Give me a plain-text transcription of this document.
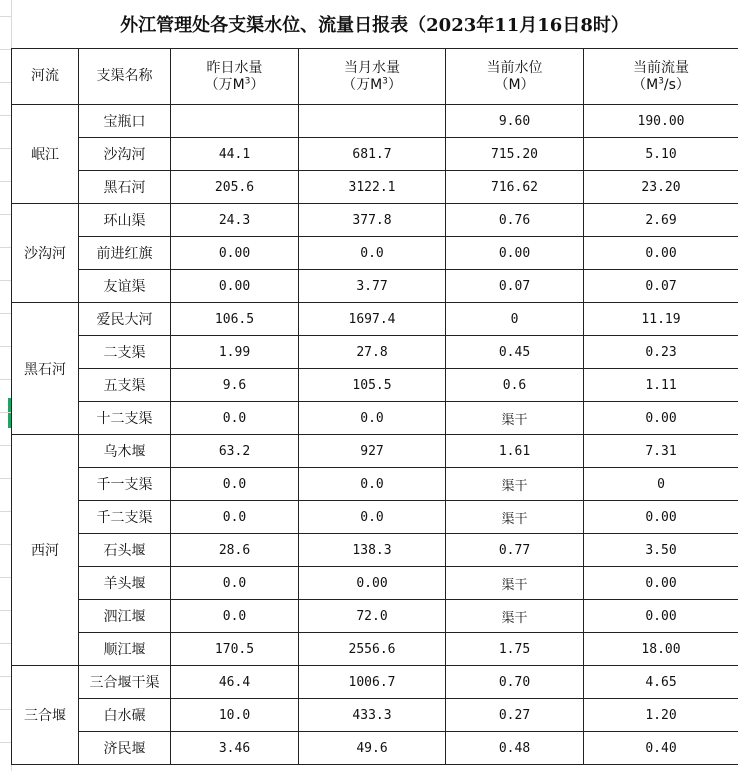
外江管理处各支渠水位、流量日报表（2023年11月16日8时）
河流	支渠名称	昨日水量
（万$M^3$）	当月水量
（万$M^3$）	当前水位
（M）	当前流量
$(M^3/s)$
岷江	宝瓶口			9.60	190.00
	沙沟河	44.1	681.7	715.20	5.10
	黑石河	205.6	3122.1	716.62	23.20
沙沟河	环山渠	24.3	377.8	0.76	2.69
	前进红旗	0.00	0.0	0.00	0.00
	友谊渠	0.00	3.77	0.07	0.07
黑石河	爱民大河	106.5	1697.4	0	11.19
	二支渠	1.99	27.8	0.45	0.23
	五支渠	9.6	105.5	0.6	1.11
	十二支渠	0.0	0.0	渠干	0.00
西河	乌木堰	63.2	927	1.61	7.31
	千一支渠	0.0	0.0	渠干	0
	千二支渠	0.0	0.0	渠干	0.00
	石头堰	28.6	138.3	0.77	3.50
	羊头堰	0.0	0.00	渠干	0.00
	泗江堰	0.0	72.0	渠干	0.00
	顺江堰	170.5	2556.6	1.75	18.00
三合堰	三合堰干渠	46.4	1006.7	0.70	4.65
	白水碾	10.0	433.3	0.27	1.20
	济民堰	3.46	49.6	0.48	0.40
